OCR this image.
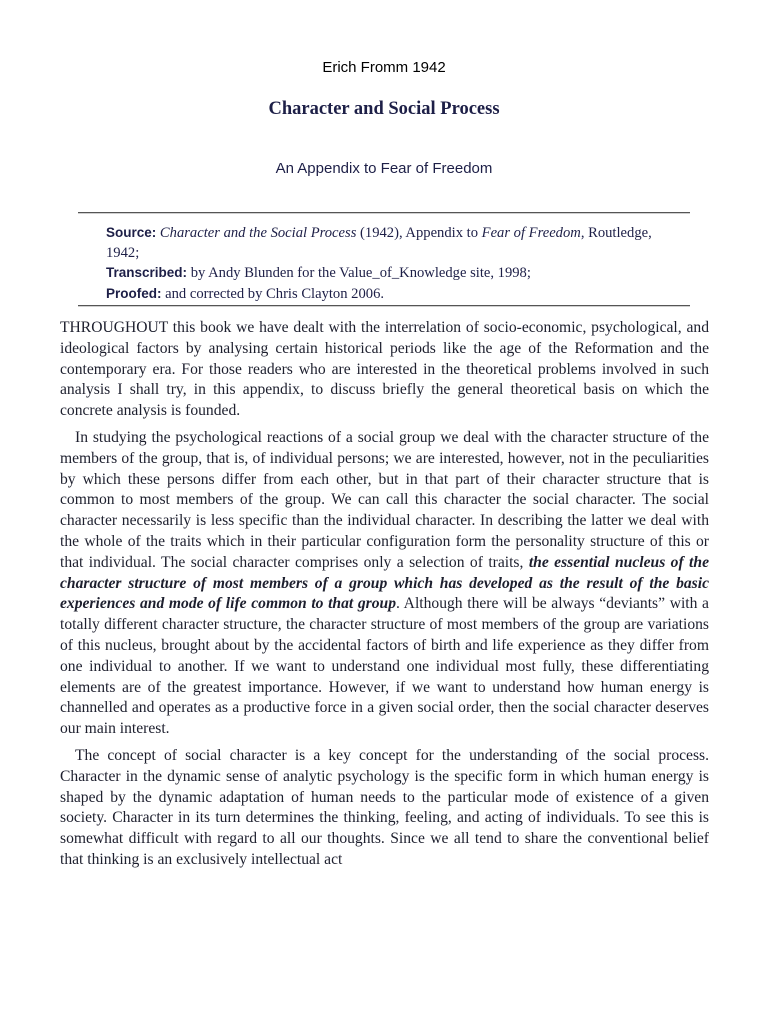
Erich Fromm 1942
Character and Social Process
An Appendix to Fear of Freedom
Source: Character and the Social Process (1942), Appendix to Fear of Freedom, Routledge, 1942;
Transcribed: by Andy Blunden for the Value_of_Knowledge site, 1998;
Proofed: and corrected by Chris Clayton 2006.

THROUGHOUT this book we have dealt with the interrelation of socio-economic, psychological, and ideological factors by analysing certain historical periods like the age of the Reformation and the contemporary era. For those readers who are interested in the theoretical problems involved in such analysis I shall try, in this appendix, to discuss briefly the general theoretical basis on which the concrete analysis is founded.

In studying the psychological reactions of a social group we deal with the character structure of the members of the group, that is, of individual persons; we are interested, however, not in the peculiarities by which these persons differ from each other, but in that part of their character structure that is common to most members of the group. We can call this character the social character. The social character necessarily is less specific than the individual character. In describing the latter we deal with the whole of the traits which in their particular configuration form the personality structure of this or that individual. The social character comprises only a selection of traits, the essential nucleus of the character structure of most members of a group which has developed as the result of the basic experiences and mode of life common to that group. Although there will be always “deviants” with a totally different character structure, the character structure of most members of the group are variations of this nucleus, brought about by the accidental factors of birth and life experience as they differ from one individual to another. If we want to understand one individual most fully, these differentiating elements are of the greatest importance. However, if we want to understand how human energy is channelled and operates as a productive force in a given social order, then the social character deserves our main interest.

The concept of social character is a key concept for the understanding of the social process. Character in the dynamic sense of analytic psychology is the specific form in which human energy is shaped by the dynamic adaptation of human needs to the particular mode of existence of a given society. Character in its turn determines the thinking, feeling, and acting of individuals. To see this is somewhat difficult with regard to all our thoughts. Since we all tend to share the conventional belief that thinking is an exclusively intellectual act
